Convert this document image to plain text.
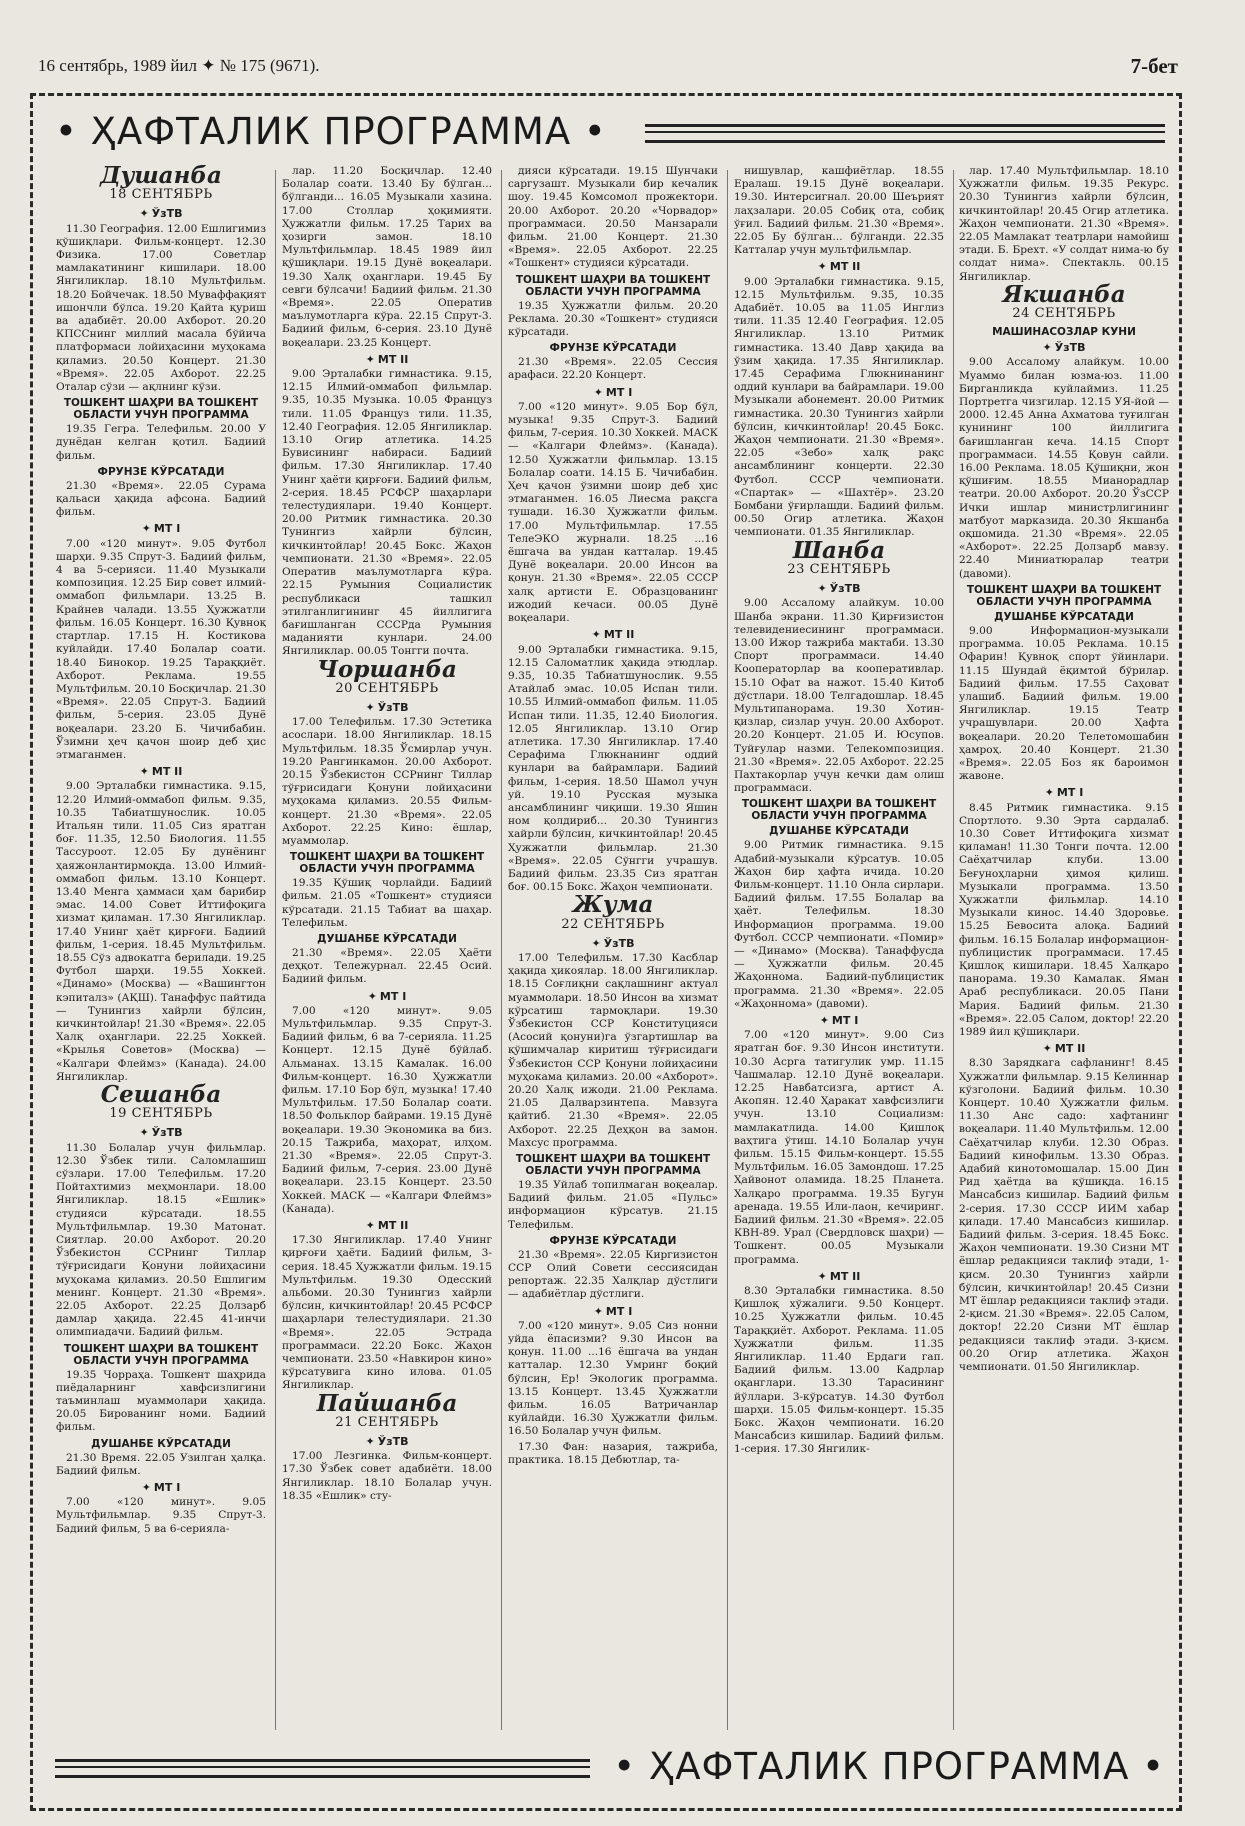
16 сентябрь, 1989 йил ✦ № 175 (9671).	7-бет
• ҲАФТАЛИК ПРОГРАММА •
Душанба
18 СЕНТЯБРЬ
✦ ЎзТВ
11.30 География. 12.00 Ешлигимиз қўшиқлари. Фильм-концерт. 12.30 Физика. 17.00 Советлар мамлакатининг кишилари. 18.00 Янгиликлар. 18.10 Мультфильм. 18.20 Бойчечак. 18.50 Муваффақият ишончли бўлса. 19.20 Қайта қуриш ва адабиёт. 20.00 Ахборот. 20.20 КПССнинг миллий масала бўйича платформаси лойиҳасини муҳокама қиламиз. 20.50 Концерт. 21.30 «Время». 22.05 Ахборот. 22.25 Оталар сўзи — ақлнинг кўзи.
ТОШКЕНТ ШАҲРИ ВА ТОШКЕНТ ОБЛАСТИ УЧУН ПРОГРАММА
19.35 Гегра. Телефильм. 20.00 У дунёдан келган қотил. Бадиий фильм.
ФРУНЗЕ КЎРСАТАДИ
21.30 «Время». 22.05 Сурама қальаси ҳақида афсона. Бадиий фильм.
✦ МТ I
7.00 «120 минут». 9.05 Футбол шарҳи. 9.35 Спрут-3. Бадиий фильм, 4 ва 5-серияси. 11.40 Музыкали композиция. 12.25 Бир совет илмий-оммабоп фильмлари. 13.25 В. Крайнев чалади. 13.55 Ҳужжатли фильм. 16.05 Концерт. 16.30 Қувноқ стартлар. 17.15 Н. Костикова куйлайди. 17.40 Болалар соати. 18.40 Бинокор. 19.25 Тараққиёт. Ахборот. Реклама. 19.55 Мультфильм. 20.10 Босқичлар. 21.30 «Время». 22.05 Спрут-3. Бадиий фильм, 5-серия. 23.05 Дунё воқеалари. 23.20 Б. Чичибабин. Ўзимни ҳеч қачон шоир деб ҳис этмаганмен.
✦ МТ II
9.00 Эрталабки гимнастика. 9.15, 12.20 Илмий-оммабоп фильм. 9.35, 10.35 Табиатшунослик. 10.05 Итальян тили. 11.05 Сиз яратган боғ. 11.35, 12.50 Биология. 11.55 Тассуроот. 12.05 Бу дунёнинг ҳаяжонлантирмоқда. 13.00 Илмий-оммабоп фильм. 13.10 Концерт. 13.40 Менга ҳаммаси ҳам барибир эмас. 14.00 Совет Иттифоқига хизмат қиламан. 17.30 Янгиликлар. 17.40 Унинг ҳаёт қирғоғи. Бадиий фильм, 1-серия. 18.45 Мультфильм. 18.55 Сўз адвокатга берилади. 19.25 Футбол шарҳи. 19.55 Хоккей. «Динамо» (Москва) — «Вашингтон кэпиталз» (АҚШ). Танаффус пайтида — Тунингиз хайрли бўлсин, кичкинтойлар! 21.30 «Время». 22.05 Халқ оҳанглари. 22.25 Хоккей. «Крылья Советов» (Москва) — «Калгари Флеймз» (Канада). 24.00 Янгиликлар.
Сешанба
19 СЕНТЯБРЬ
✦ ЎзТВ
11.30 Болалар учун фильмлар. 12.30 Ўзбек тили. Саломлашиш сўзлари. 17.00 Телефильм. 17.20 Пойтахтимиз меҳмонлари. 18.00 Янгиликлар. 18.15 «Ешлик» студияси кўрсатади. 18.55 Мультфильмлар. 19.30 Матонат. Сиятлар. 20.00 Ахборот. 20.20 Ўзбекистон ССРнинг Тиллар тўғрисидаги Қонуни лойиҳасини муҳокама қиламиз. 20.50 Ешлигим менинг. Концерт. 21.30 «Время». 22.05 Ахборот. 22.25 Долзарб дамлар ҳақида. 22.45 41-инчи олимпиадачи. Бадиий фильм.
ТОШКЕНТ ШАҲРИ ВА ТОШКЕНТ ОБЛАСТИ УЧУН ПРОГРАММА
19.35 Чорраҳа. Тошкент шаҳрида пиёдаларнинг хавфсизлигини таъминлаш муаммолари ҳақида. 20.05 Бированинг номи. Бадиий фильм.
ДУШАНБЕ КЎРСАТАДИ
21.30 Время. 22.05 Узилган ҳалқа. Бадиий фильм.
✦ МТ I
7.00 «120 минут». 9.05 Мультфильмлар. 9.35 Спрут-3. Бадиий фильм, 5 ва 6-серияла-
лар. 11.20 Босқичлар. 12.40 Болалар соати. 13.40 Бу бўлган... бўлганди... 16.05 Музыкали хазина. 17.00 Столлар ҳоқимияти. Ҳужжатли фильм. 17.25 Тарих ва ҳозирги замон. 18.10 Мультфильмлар. 18.45 1989 йил қўшиқлари. 19.15 Дунё воқеалари. 19.30 Халқ оҳанглари. 19.45 Бу севги бўлсачи! Бадиий фильм. 21.30 «Время». 22.05 Оператив маълумотларга кўра. 22.15 Спрут-3. Бадиий фильм, 6-серия. 23.10 Дунё воқеалари. 23.25 Концерт.
✦ МТ II
9.00 Эрталабки гимнастика. 9.15, 12.15 Илмий-оммабоп фильмлар. 9.35, 10.35 Музыка. 10.05 Француз тили. 11.05 Француз тили. 11.35, 12.40 География. 12.05 Янгиликлар. 13.10 Огир атлетика. 14.25 Бувисининг набираси. Бадиий фильм. 17.30 Янгиликлар. 17.40 Унинг ҳаёти қирғоғи. Бадиий фильм, 2-серия. 18.45 РСФСР шаҳарлари телестудиялари. 19.40 Концерт. 20.00 Ритмик гимнастика. 20.30 Тунингиз хайрли бўлсин, кичкинтойлар! 20.45 Бокс. Жаҳон чемпионати. 21.30 «Время». 22.05 Оператив маълумотларга кўра. 22.15 Румыния Социалистик республикаси ташкил этилганлигининг 45 йиллигига бағишланган СССРда Румыния маданияти кунлари. 24.00 Янгиликлар. 00.05 Тонгги почта.
Чоршанба
20 СЕНТЯБРЬ
✦ ЎзТВ
17.00 Телефильм. 17.30 Эстетика асослари. 18.00 Янгиликлар. 18.15 Мультфильм. 18.35 Ўсмирлар учун. 19.20 Рангинкамон. 20.00 Ахборот. 20.15 Ўзбекистон ССРнинг Тиллар тўғрисидаги Қонуни лойиҳасини муҳокама қиламиз. 20.55 Фильм-концерт. 21.30 «Время». 22.05 Ахборот. 22.25 Кино: ёшлар, муаммолар.
ТОШКЕНТ ШАҲРИ ВА ТОШКЕНТ ОБЛАСТИ УЧУН ПРОГРАММА
19.35 Қўшиқ чорлайди. Бадиий фильм. 21.05 «Тошкент» студияси кўрсатади. 21.15 Табиат ва шаҳар. Телефильм.
ДУШАНБЕ КЎРСАТАДИ
21.30 «Время». 22.05 Ҳаёти деҳқот. Тележурнал. 22.45 Осий. Бадиий фильм.
✦ МТ I
7.00 «120 минут». 9.05 Мультфильмлар. 9.35 Спрут-3. Бадиий фильм, 6 ва 7-серияла. 11.25 Концерт. 12.15 Дунё бўйлаб. Альманах. 13.15 Камалак. 16.00 Фильм-концерт. 16.30 Ҳужжатли фильм. 17.10 Бор бўл, музыка! 17.40 Мультфильм. 17.50 Болалар соати. 18.50 Фольклор байрами. 19.15 Дунё воқеалари. 19.30 Экономика ва биз. 20.15 Тажриба, маҳорат, илҳом. 21.30 «Время». 22.05 Спрут-3. Бадиий фильм, 7-серия. 23.00 Дунё воқеалари. 23.15 Концерт. 23.50 Хоккей. МАСК — «Калгари Флеймз» (Канада).
✦ МТ II
17.30 Янгиликлар. 17.40 Унинг қирғоғи ҳаёти. Бадиий фильм, 3-серия. 18.45 Ҳужжатли фильм. 19.15 Мультфильм. 19.30 Одесский альбоми. 20.30 Тунингиз хайрли бўлсин, кичкинтойлар! 20.45 РСФСР шаҳарлари телестудиялари. 21.30 «Время». 22.05 Эстрада программаси. 22.20 Бокс. Жаҳон чемпионати. 23.50 «Навкирон кино» кўрсатувига кино илова. 01.05 Янгиликлар.
Пайшанба
21 СЕНТЯБРЬ
✦ ЎзТВ
17.00 Лезгинка. Фильм-концерт. 17.30 Ўзбек совет адабиёти. 18.00 Янгиликлар. 18.10 Болалар учун. 18.35 «Ешлик» сту-
дияси кўрсатади. 19.15 Шунчаки саргузашт. Музыкали бир кечалик шоу. 19.45 Комсомол прожектори. 20.00 Ахборот. 20.20 «Чорвадор» программаси. 20.50 Манзарали фильм. 21.00 Концерт. 21.30 «Время». 22.05 Ахборот. 22.25 «Тошкент» студияси кўрсатади.
ТОШКЕНТ ШАҲРИ ВА ТОШКЕНТ ОБЛАСТИ УЧУН ПРОГРАММА
19.35 Ҳужжатли фильм. 20.20 Реклама. 20.30 «Тошкент» студияси кўрсатади.
ФРУНЗЕ КЎРСАТАДИ
21.30 «Время». 22.05 Сессия арафаси. 22.20 Концерт.
✦ МТ I
7.00 «120 минут». 9.05 Бор бўл, музыка! 9.35 Спрут-3. Бадиий фильм, 7-серия. 10.30 Хоккей. МАСК — «Калгари Флеймз». (Канада). 12.50 Ҳужжатли фильмлар. 13.15 Болалар соати. 14.15 Б. Чичибабин. Ҳеч қачон ўзимни шоир деб ҳис этмаганмен. 16.05 Лиесма рақсга тушади. 16.30 Ҳужжатли фильм. 17.00 Мультфильмлар. 17.55 ТелеЭКО журнали. 18.25 ...16 ёшгача ва ундан катталар. 19.45 Дунё воқеалари. 20.00 Инсон ва қонун. 21.30 «Время». 22.05 СССР халқ артисти Е. Образцованинг ижодий кечаси. 00.05 Дунё воқеалари.
✦ МТ II
9.00 Эрталабки гимнастика. 9.15, 12.15 Саломатлик ҳақида этюдлар. 9.35, 10.35 Табиатшунослик. 9.55 Атайлаб эмас. 10.05 Испан тили. 10.55 Илмий-оммабоп фильм. 11.05 Испан тили. 11.35, 12.40 Биология. 12.05 Янгиликлар. 13.10 Огир атлетика. 17.30 Янгиликлар. 17.40 Серафима Глюкнанинг оддий кунлари ва байрамлари. Бадиий фильм, 1-серия. 18.50 Шамол учун уй. 19.10 Русская музыка ансамблининг чиқиши. 19.30 Яшин ном қолдириб... 20.30 Тунингиз хайрли бўлсин, кичкинтойлар! 20.45 Ҳужжатли фильмлар. 21.30 «Время». 22.05 Сўнгги учрашув. Бадиий фильм. 23.35 Сиз яратган боғ. 00.15 Бокс. Жаҳон чемпионати.
Жума
22 СЕНТЯБРЬ
✦ ЎзТВ
17.00 Телефильм. 17.30 Касблар ҳақида ҳикоялар. 18.00 Янгиликлар. 18.15 Соғлиқни сақлашнинг актуал муаммолари. 18.50 Инсон ва хизмат кўрсатиш тармоқлари. 19.30 Ўзбекистон ССР Конституцияси (Асосий қонуни)га ўзгартишлар ва қўшимчалар киритиш тўғрисидаги Ўзбекистон ССР Қонуни лойиҳасини муҳокама қиламиз. 20.00 «Ахборот». 20.20 Халқ ижоди. 21.00 Реклама. 21.05 Далварзинтепа. Мавзуга қайтиб. 21.30 «Время». 22.05 Ахборот. 22.25 Деҳқон ва замон. Махсус программа.
ТОШКЕНТ ШАҲРИ ВА ТОШКЕНТ ОБЛАСТИ УЧУН ПРОГРАММА
19.35 Уйлаб топилмаган воқеалар. Бадиий фильм. 21.05 «Пульс» информацион кўрсатув. 21.15 Телефильм.
ФРУНЗЕ КЎРСАТАДИ
21.30 «Время». 22.05 Киргизистон ССР Олий Совети сессиясидан репортаж. 22.35 Халқлар дўстлиги — адабиётлар дўстлиги.
✦ МТ I
7.00 «120 минут». 9.05 Сиз нонни уйда ёпасизми? 9.30 Инсон ва қонун. 11.00 ...16 ёшгача ва ундан катталар. 12.30 Умринг боқий бўлсин, Ер! Экологик программа. 13.15 Концерт. 13.45 Ҳужжатли фильм. 16.05 Ватричанлар куйлайди. 16.30 Ҳужжатли фильм. 16.50 Болалар учун фильм.
17.30 Фан: назария, тажриба, практика. 18.15 Дебютлар, та-
нишувлар, кашфиётлар. 18.55 Ералаш. 19.15 Дунё воқеалари. 19.30. Интерсигнал. 20.00 Шеърият лаҳзалари. 20.05 Собиқ ота, собиқ ўғил. Бадиий фильм. 21.30 «Время». 22.05 Бу бўлган... бўлганди. 22.35 Катталар учун мультфильмлар.
✦ МТ II
9.00 Эрталабки гимнастика. 9.15, 12.15 Мультфильм. 9.35, 10.35 Адабиёт. 10.05 ва 11.05 Инглиз тили. 11.35 12.40 География. 12.05 Янгиликлар. 13.10 Ритмик гимнастика. 13.40 Давр ҳақида ва ўзим ҳақида. 17.35 Янгиликлар. 17.45 Серафима Глюкнинанинг оддий кунлари ва байрамлари. 19.00 Музыкали абонемент. 20.00 Ритмик гимнастика. 20.30 Тунингиз хайрли бўлсин, кичкинтойлар! 20.45 Бокс. Жаҳон чемпионати. 21.30 «Время». 22.05 «Зебо» халқ рақс ансамблининг концерти. 22.30 Футбол. СССР чемпионати. «Спартак» — «Шахтёр». 23.20 Бомбани ўғирлашди. Бадиий фильм. 00.50 Огир атлетика. Жаҳон чемпионати. 01.35 Янгиликлар.
Шанба
23 СЕНТЯБРЬ
✦ ЎзТВ
9.00 Ассалому алайкум. 10.00 Шанба экрани. 11.30 Қирғизистон телевидениесининг программаси. 13.00 Ижор тажриба мактаби. 13.30 Спорт программаси. 14.40 Кооператорлар ва кооперативлар. 15.10 Офат ва нажот. 15.40 Китоб дўстлари. 18.00 Телгадошлар. 18.45 Мультипанорама. 19.30 Хотин-қизлар, сизлар учун. 20.00 Ахборот. 20.20 Концерт. 21.05 И. Юсупов. Туйғулар назми. Телекомпозиция. 21.30 «Время». 22.05 Ахборот. 22.25 Пахтакорлар учун кечки дам олиш программаси.
ТОШКЕНТ ШАҲРИ ВА ТОШКЕНТ ОБЛАСТИ УЧУН ПРОГРАММА
ДУШАНБЕ КЎРСАТАДИ
9.00 Ритмик гимнастика. 9.15 Адабий-музыкали кўрсатув. 10.05 Жаҳон бир ҳафта ичида. 10.20 Фильм-концерт. 11.10 Онла сирлари. Бадиий фильм. 17.55 Болалар ва ҳаёт. Телефильм. 18.30 Информацион программа. 19.00 Футбол. СССР чемпионати. «Помир» — «Динамо» (Москва). Танаффусда — Ҳужжатли фильм. 20.45 Жаҳоннома. Бадиий-публицистик программа. 21.30 «Время». 22.05 «Жаҳоннома» (давоми).
✦ МТ I
7.00 «120 минут». 9.00 Сиз яратган боғ. 9.30 Инсон институти. 10.30 Асрга татигулик умр. 11.15 Чашмалар. 12.10 Дунё воқеалари. 12.25 Навбатсизга, артист А. Акопян. 12.40 Ҳаракат хавфсизлиги учун. 13.10 Социализм: мамлакатлида. 14.00 Қишлоқ ваҳтига ўтиш. 14.10 Болалар учун фильм. 15.15 Фильм-концерт. 15.55 Мультфильм. 16.05 Замондош. 17.25 Ҳайвонот оламида. 18.25 Планета. Халқаро программа. 19.35 Бугун аренада. 19.55 Или-лаон, кечиринг. Бадиий фильм. 21.30 «Время». 22.05 КВН-89. Урал (Свердловск шаҳри) — Тошкент. 00.05 Музыкали программа.
✦ МТ II
8.30 Эрталабки гимнастика. 8.50 Қишлоқ хўжалиги. 9.50 Концерт. 10.25 Ҳужжатли фильм. 10.45 Тараққиёт. Ахборот. Реклама. 11.05 Ҳужжатли фильм. 11.35 Янгиликлар. 11.40 Ердаги гап. Бадиий фильм. 13.00 Кадрлар оқанглари. 13.30 Тарасининг йўллари. 3-кўрсатув. 14.30 Футбол шарҳи. 15.05 Фильм-концерт. 15.35 Бокс. Жаҳон чемпионати. 16.20 Мансабсиз кишилар. Бадиий фильм. 1-серия. 17.30 Янгилик-
лар. 17.40 Мультфильмлар. 18.10 Ҳужжатли фильм. 19.35 Рекурс. 20.30 Тунингиз хайрли бўлсин, кичкинтойлар! 20.45 Огир атлетика. Жаҳон чемпионати. 21.30 «Время». 22.05 Мамлакат театрлари намойиш этади. Б. Брехт. «У солдат нима-ю бу солдат нима». Спектакль. 00.15 Янгиликлар.
Якшанба
24 СЕНТЯБРЬ
МАШИНАСОЗЛАР КУНИ
✦ ЎзТВ
9.00 Ассалому алайкум. 10.00 Муаммо билан юзма-юз. 11.00 Бирганликда куйлаймиз. 11.25 Портретга чизгилар. 12.15 УЯ-йой — 2000. 12.45 Анна Ахматова туғилган кунининг 100 йиллигига бағишланган кеча. 14.15 Спорт программаси. 14.55 Қовун сайли. 16.00 Реклама. 18.05 Қўшиқни, жон қўшиғим. 18.55 Мианорадлар театри. 20.00 Ахборот. 20.20 ЎзССР Ички ишлар министрлигининг матбуот марказида. 20.30 Якшанба оқшомида. 21.30 «Время». 22.05 «Ахборот». 22.25 Долзарб мавзу. 22.40 Миниатюралар театри (давоми).
ТОШКЕНТ ШАҲРИ ВА ТОШКЕНТ ОБЛАСТИ УЧУН ПРОГРАММА
ДУШАНБЕ КЎРСАТАДИ
9.00 Информацион-музыкали программа. 10.05 Реклама. 10.15 Офарин! Қувноқ спорт ўйинлари. 11.15 Шундай ёқимтой бўрилар. Бадиий фильм. 17.55 Саҳоват улашиб. Бадиий фильм. 19.00 Янгиликлар. 19.15 Театр учрашувлари. 20.00 Ҳафта воқеалари. 20.20 Телетомошабин ҳамроҳ. 20.40 Концерт. 21.30 «Время». 22.05 Боз як бароимон жавоне.
✦ МТ I
8.45 Ритмик гимнастика. 9.15 Спортлото. 9.30 Эрта сардалаб. 10.30 Совет Иттифоқига хизмат қиламан! 11.30 Тонги почта. 12.00 Саёҳатчилар клуби. 13.00 Беғуноҳларни ҳимоя қилиш. Музыкали программа. 13.50 Ҳужжатли фильмлар. 14.10 Музыкали кинос. 14.40 Здоровье. 15.25 Бевосита алоқа. Бадиий фильм. 16.15 Болалар информацион-публицистик программаси. 17.45 Қишлоқ кишилари. 18.45 Халқаро панорама. 19.30 Камалак. Яман Араб республикаси. 20.05 Пани Мария. Бадиий фильм. 21.30 «Время». 22.05 Салом, доктор! 22.20 1989 йил қўшиқлари.
✦ МТ II
8.30 Зарядкага сафланинг! 8.45 Ҳужжатли фильмлар. 9.15 Келиннар кўзголони. Бадиий фильм. 10.30 Концерт. 10.40 Ҳужжатли фильм. 11.30 Анс садо: хафтанинг воқеалари. 11.40 Мультфильм. 12.00 Саёҳатчилар клуби. 12.30 Образ. Бадиий кинофильм. 13.30 Образ. Адабий кинотомошалар. 15.00 Дин Рид ҳаётда ва қўшиқда. 16.15 Мансабсиз кишилар. Бадиий фильм 2-серия. 17.30 СССР ИИМ хабар қилади. 17.40 Мансабсиз кишилар. Бадиий фильм. 3-серия. 18.45 Бокс. Жаҳон чемпионати. 19.30 Сизни МТ ёшлар редакцияси таклиф этади, 1-қисм. 20.30 Тунингиз хайрли бўлсин, кичкинтойлар! 20.45 Сизни МТ ёшлар редакцияси таклиф этади. 2-қисм. 21.30 «Время». 22.05 Салом, доктор! 22.20 Сизни МТ ёшлар редакцияси таклиф этади. 3-қисм. 00.20 Огир атлетика. Жаҳон чемпионати. 01.50 Янгиликлар.
• ҲАФТАЛИК ПРОГРАММА •
